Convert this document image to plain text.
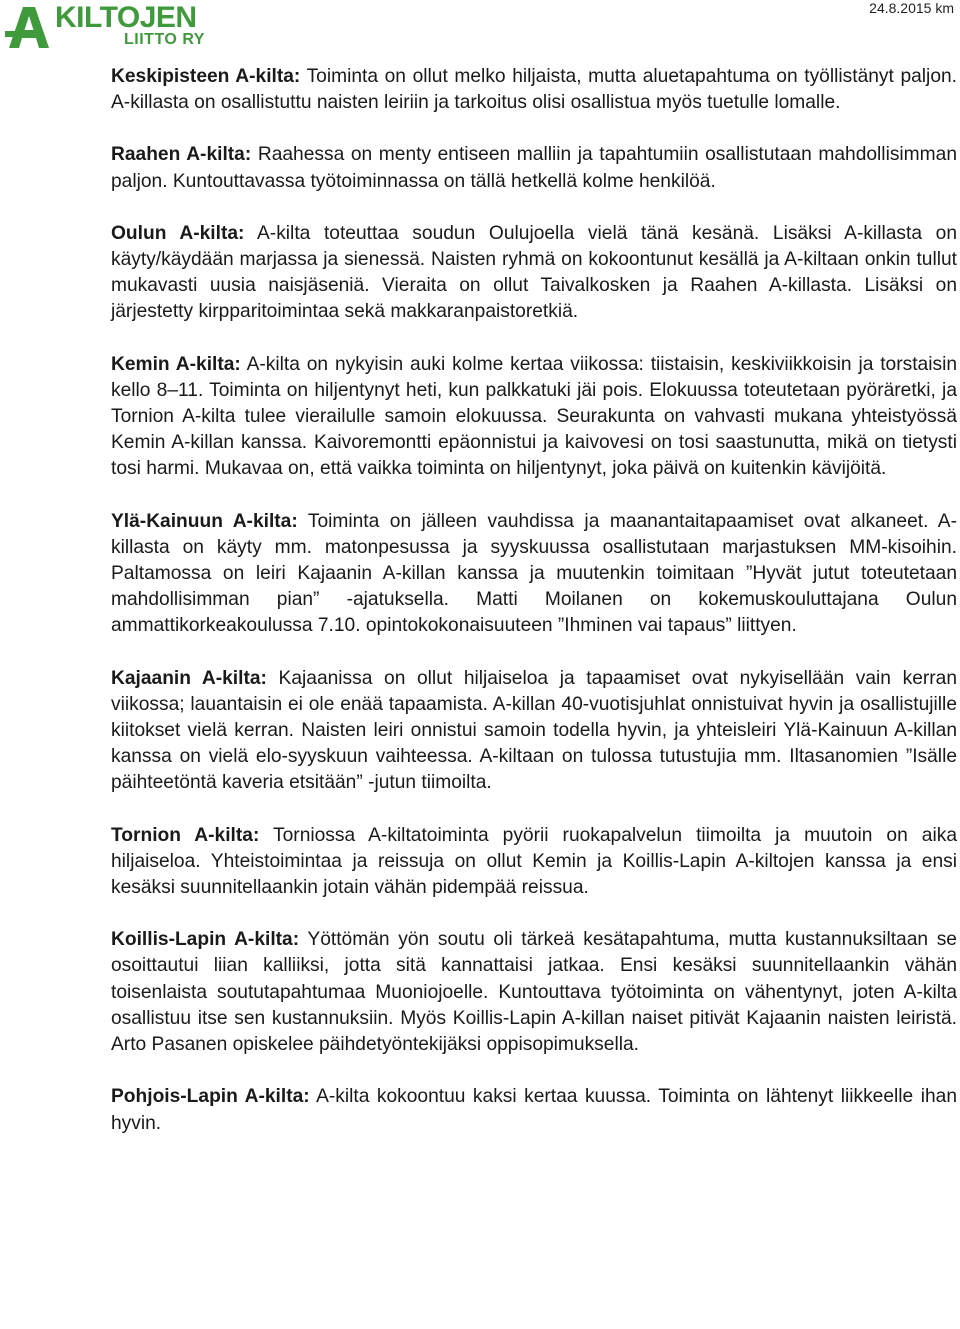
KILTOJEN
LIITTO RY
24.8.2015 km

Keskipisteen A-kilta: Toiminta on ollut melko hiljaista, mutta aluetapahtuma on työllistänyt paljon. A-killasta on osallistuttu naisten leiriin ja tarkoitus olisi osallistua myös tuetulle lomalle.

Raahen A-kilta: Raahessa on menty entiseen malliin ja tapahtumiin osallistutaan mahdollisimman paljon. Kuntouttavassa työtoiminnassa on tällä hetkellä kolme henkilöä.

Oulun A-kilta: A-kilta toteuttaa soudun Oulujoella vielä tänä kesänä. Lisäksi A-killasta on käyty/käydään marjassa ja sienessä. Naisten ryhmä on kokoontunut kesällä ja A-kiltaan onkin tullut mukavasti uusia naisjäseniä. Vieraita on ollut Taivalkosken ja Raahen A-killasta. Lisäksi on järjestetty kirpparitoimintaa sekä makkaranpaistoretkiä.

Kemin A-kilta: A-kilta on nykyisin auki kolme kertaa viikossa: tiistaisin, keskiviikkoisin ja torstaisin kello 8–11. Toiminta on hiljentynyt heti, kun palkkatuki jäi pois. Elokuussa toteutetaan pyöräretki, ja Tornion A-kilta tulee vierailulle samoin elokuussa. Seurakunta on vahvasti mukana yhteistyössä Kemin A-killan kanssa. Kaivoremontti epäonnistui ja kaivovesi on tosi saastunutta, mikä on tietysti tosi harmi. Mukavaa on, että vaikka toiminta on hiljentynyt, joka päivä on kuitenkin kävijöitä.

Ylä-Kainuun A-kilta: Toiminta on jälleen vauhdissa ja maanantaitapaamiset ovat alkaneet. A-killasta on käyty mm. matonpesussa ja syyskuussa osallistutaan marjastuksen MM-kisoihin. Paltamossa on leiri Kajaanin A-killan kanssa ja muutenkin toimitaan ”Hyvät jutut toteutetaan mahdollisimman pian” -ajatuksella. Matti Moilanen on kokemuskouluttajana Oulun ammattikorkeakoulussa 7.10. opintokokonaisuuteen ”Ihminen vai tapaus” liittyen.

Kajaanin A-kilta: Kajaanissa on ollut hiljaiseloa ja tapaamiset ovat nykyisellään vain kerran viikossa; lauantaisin ei ole enää tapaamista. A-killan 40-vuotisjuhlat onnistuivat hyvin ja osallistujille kiitokset vielä kerran. Naisten leiri onnistui samoin todella hyvin, ja yhteisleiri Ylä-Kainuun A-killan kanssa on vielä elo-syyskuun vaihteessa. A-kiltaan on tulossa tutustujia mm. Iltasanomien ”Isälle päihteetöntä kaveria etsitään” -jutun tiimoilta.

Tornion A-kilta: Torniossa A-kiltatoiminta pyörii ruokapalvelun tiimoilta ja muutoin on aika hiljaiseloa. Yhteistoimintaa ja reissuja on ollut Kemin ja Koillis-Lapin A-kiltojen kanssa ja ensi kesäksi suunnitellaankin jotain vähän pidempää reissua.

Koillis-Lapin A-kilta: Yöttömän yön soutu oli tärkeä kesätapahtuma, mutta kustannuksiltaan se osoittautui liian kalliiksi, jotta sitä kannattaisi jatkaa. Ensi kesäksi suunnitellaankin vähän toisenlaista soututapahtumaa Muoniojoelle. Kuntouttava työtoiminta on vähentynyt, joten A-kilta osallistuu itse sen kustannuksiin. Myös Koillis-Lapin A-killan naiset pitivät Kajaanin naisten leiristä. Arto Pasanen opiskelee päihdetyöntekijäksi oppisopimuksella.

Pohjois-Lapin A-kilta: A-kilta kokoontuu kaksi kertaa kuussa. Toiminta on lähtenyt liikkeelle ihan hyvin.
